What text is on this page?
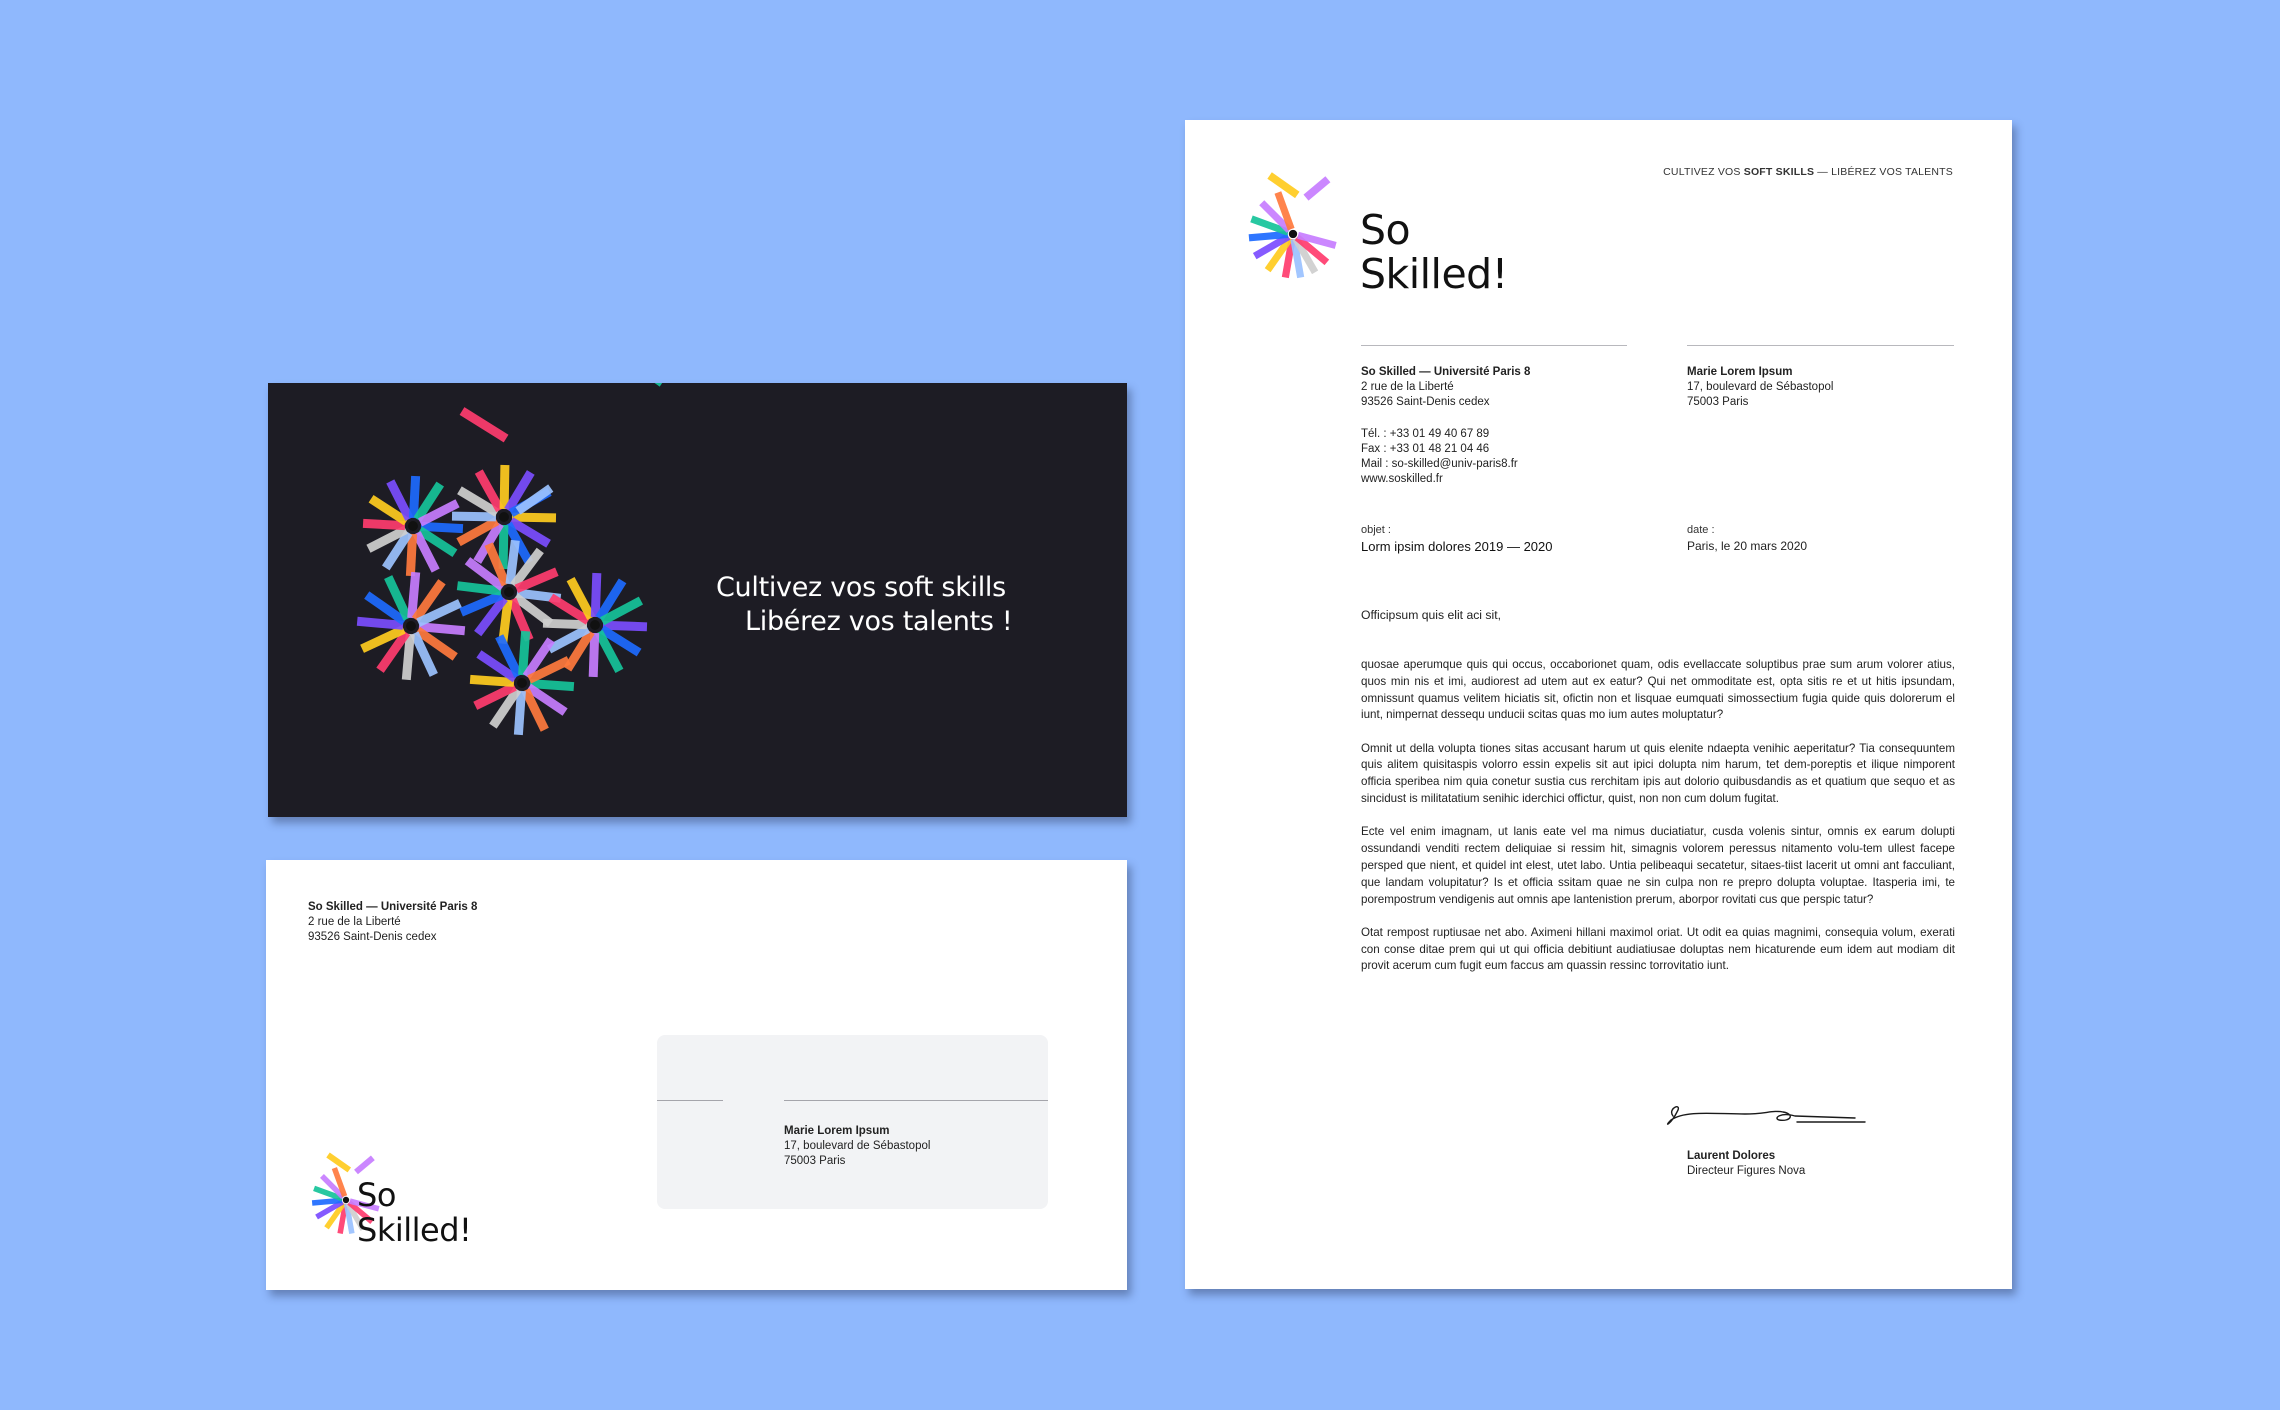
Cultivez vos soft skills
Libérez vos talents !
So Skilled — Université Paris 8
2 rue de la Liberté
93526 Saint-Denis cedex
Marie Lorem Ipsum
17, boulevard de Sébastopol
75003 Paris
So
Skilled!
CULTIVEZ VOS SOFT SKILLS — LIBÉREZ VOS TALENTS
So
Skilled!
So Skilled — Université Paris 8
2 rue de la Liberté
93526 Saint-Denis cedex
Tél. : +33 01 49 40 67 89
Fax : +33 01 48 21 04 46
Mail : so-skilled@univ-paris8.fr
www.soskilled.fr
Marie Lorem Ipsum
17, boulevard de Sébastopol
75003 Paris
objet :
Lorm ipsim dolores 2019 — 2020
date :
Paris, le 20 mars 2020
Officipsum quis elit aci sit,

quosae aperumque quis qui occus, occaborionet quam, odis evellaccate soluptibus prae sum arum volorer atius, quos min nis et imi, audiorest ad utem aut ex eatur? Qui net ommoditate est, opta sitis re et ut hitis ipsundam, omnissunt quamus velitem hiciatis sit, ofictin non et lisquae eumquati simossectium fugia quide quis dolorerum el iunt, nimpernat dessequ unducii scitas quas mo ium autes moluptatur?

Omnit ut della volupta tiones sitas accusant harum ut quis elenite ndaepta venihic aeperitatur? Tia consequuntem quis alitem quisitaspis volorro essin expelis sit aut ipici dolupta nim harum, tet dem-poreptis et ilique nimporent officia speribea nim quia conetur sustia cus rerchitam ipis aut dolorio quibusdandis as et quatium que sequo et as sincidust is militatatium senihic iderchici offictur, quist, non non cum dolum fugitat.

Ecte vel enim imagnam, ut lanis eate vel ma nimus duciatiatur, cusda volenis sintur, omnis ex earum dolupti ossundandi venditi rectem deliquiae si ressim hit, simagnis volorem peressus nitamento volu-tem ullest facepe persped que nient, et quidel int elest, utet labo. Untia pelibeaqui secatetur, sitaes-tiist lacerit ut omni ant facculiant, que landam volupitatur? Is et officia ssitam quae ne sin culpa non re prepro dolupta voluptae. Itasperia imi, te porempostrum vendigenis aut omnis ape lantenistion prerum, aborpor rovitati cus que perspic tatur?

Otat rempost ruptiusae net abo. Aximeni hillani maximol oriat. Ut odit ea quias magnimi, consequia volum, exerati con conse ditae prem qui ut qui officia debitiunt audiatiusae doluptas nem hicaturende eum idem aut modiam dit provit acerum cum fugit eum faccus am quassin ressinc torrovitatio iunt.

Laurent Dolores
Directeur Figures Nova
